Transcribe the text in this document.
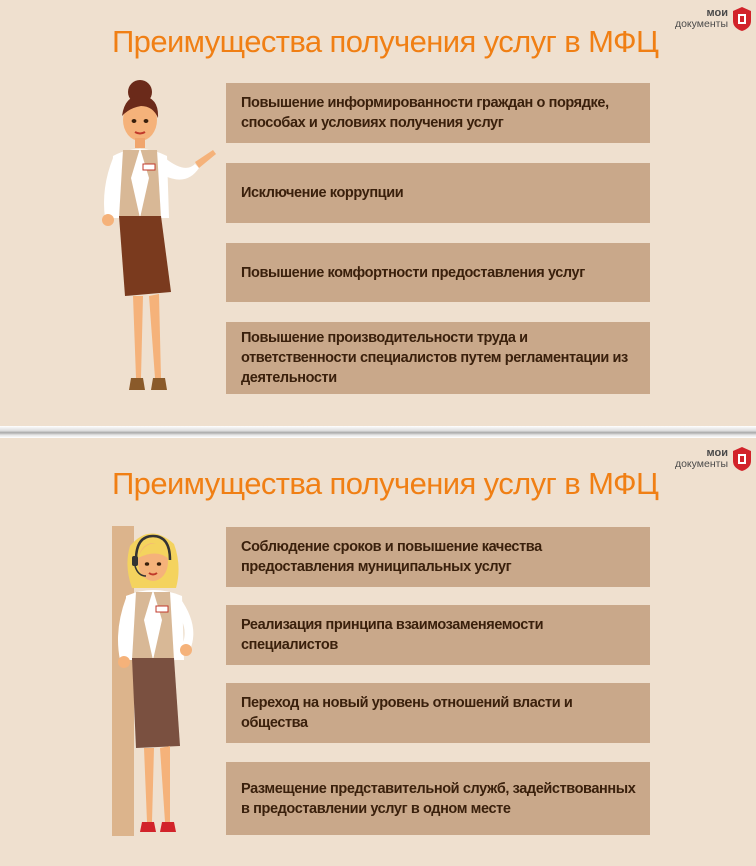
Преимущества получения услуг в МФЦ
мои
документы
Повышение информированности граждан о порядке, способах и условиях получения услуг
Исключение коррупции
Повышение комфортности предоставления услуг
Повышение производительности труда и ответственности специалистов путем регламентации из деятельности
Преимущества получения услуг в МФЦ
мои
документы
Соблюдение сроков и повышение качества предоставления муниципальных услуг
Реализация принципа взаимозаменяемости специалистов
Переход на новый уровень отношений власти и общества
Размещение представительной служб, задействованных в предоставлении услуг в одном месте
